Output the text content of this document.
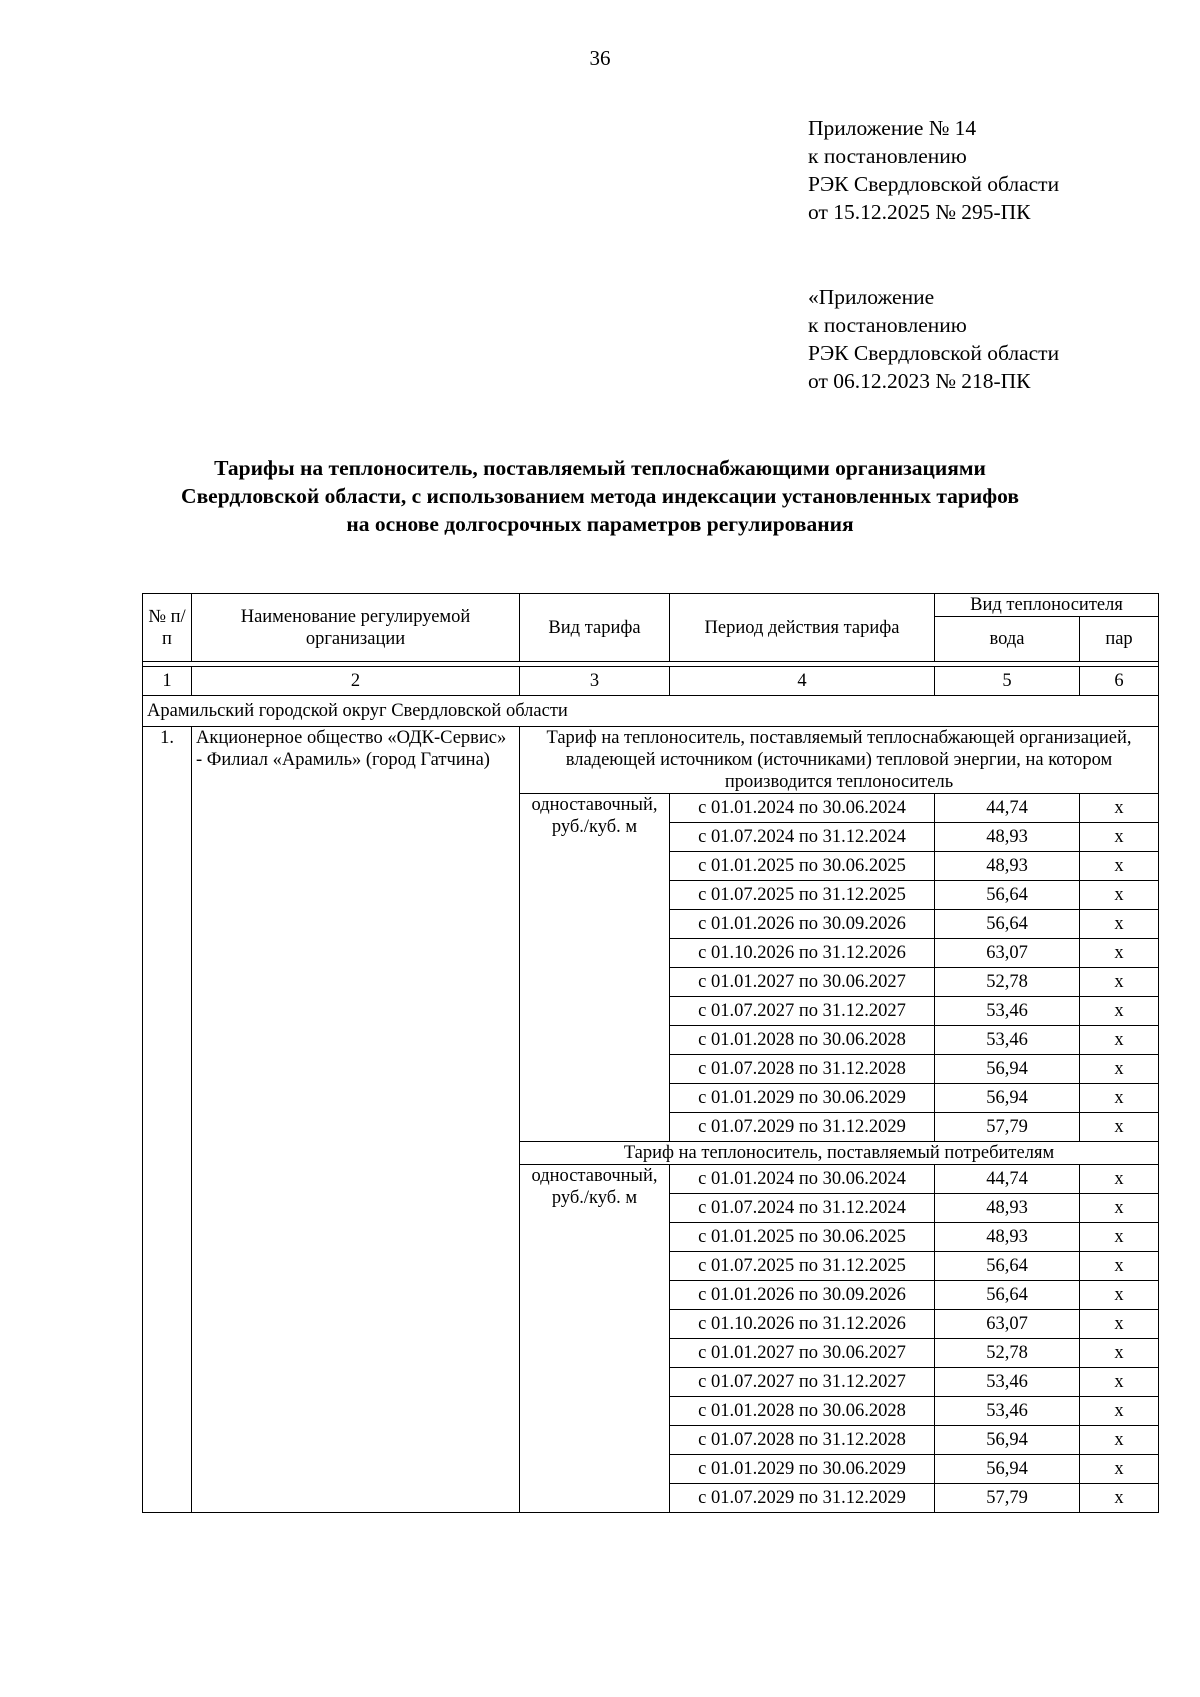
36
Приложение № 14
к постановлению
РЭК Свердловской области
от 15.12.2025 № 295-ПК
«Приложение
к постановлению
РЭК Свердловской области
от 06.12.2023 № 218-ПК
Тарифы на теплоноситель, поставляемый теплоснабжающими организациями
Свердловской области, с использованием метода индексации установленных тарифов
на основе долгосрочных параметров регулирования
№ п/п	Наименование регулируемой организации	Вид тарифа	Период действия тарифа	Вид теплоносителя	
				вода	пар

1	2	3	4	5	6
Арамильский городской округ Свердловской области					
1.	Акционерное общество «ОДК-Сервис» - Филиал «Арамиль» (город Гатчина)	Тариф на теплоноситель, поставляемый теплоснабжающей организацией, владеющей источником (источниками) тепловой энергии, на котором производится теплоноситель			
		одноставочный, руб./куб. м	с 01.01.2024 по 30.06.2024	44,74	х
			с 01.07.2024 по 31.12.2024	48,93	х
			с 01.01.2025 по 30.06.2025	48,93	х
			с 01.07.2025 по 31.12.2025	56,64	х
			с 01.01.2026 по 30.09.2026	56,64	х
			с 01.10.2026 по 31.12.2026	63,07	х
			с 01.01.2027 по 30.06.2027	52,78	х
			с 01.07.2027 по 31.12.2027	53,46	х
			с 01.01.2028 по 30.06.2028	53,46	х
			с 01.07.2028 по 31.12.2028	56,94	х
			с 01.01.2029 по 30.06.2029	56,94	х
			с 01.07.2029 по 31.12.2029	57,79	х
		Тариф на теплоноситель, поставляемый потребителям			
		одноставочный, руб./куб. м	с 01.01.2024 по 30.06.2024	44,74	х
			с 01.07.2024 по 31.12.2024	48,93	х
			с 01.01.2025 по 30.06.2025	48,93	х
			с 01.07.2025 по 31.12.2025	56,64	х
			с 01.01.2026 по 30.09.2026	56,64	х
			с 01.10.2026 по 31.12.2026	63,07	х
			с 01.01.2027 по 30.06.2027	52,78	х
			с 01.07.2027 по 31.12.2027	53,46	х
			с 01.01.2028 по 30.06.2028	53,46	х
			с 01.07.2028 по 31.12.2028	56,94	х
			с 01.01.2029 по 30.06.2029	56,94	х
			с 01.07.2029 по 31.12.2029	57,79	х
